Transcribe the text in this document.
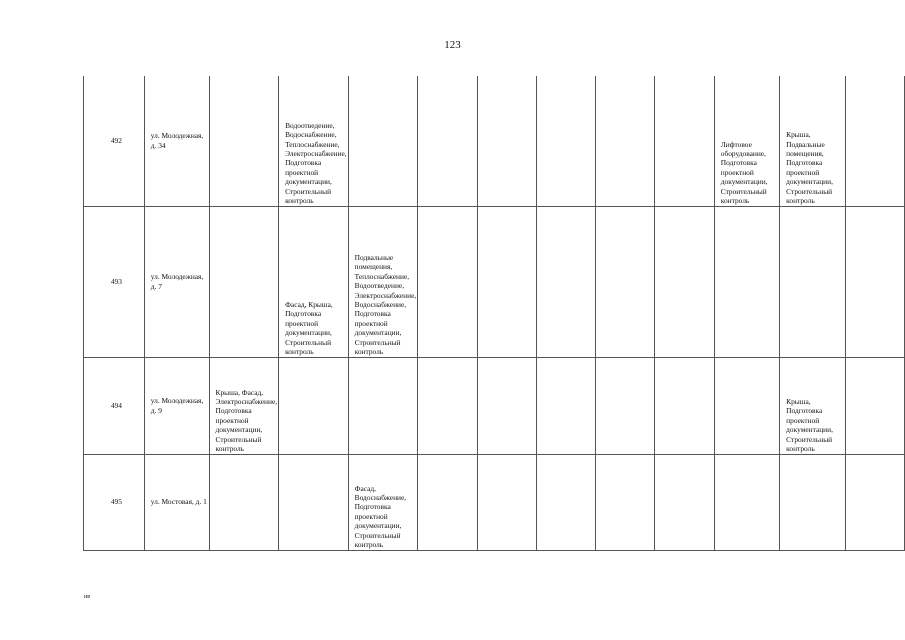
123
492	ул. Молодежная, д. 34		Водоотведение, Водоснабжение, Теплоснабжение, Электроснабжение, Подготовка проектной документации, Строительный контроль							Лифтовое оборудование, Подготовка проектной документации, Строительный контроль	Крыша, Подвальные помещения, Подготовка проектной документации, Строительный контроль	
493	ул. Молодежная, д. 7		Фасад, Крыша, Подготовка проектной документации, Строительный контроль	Подвальные помещения, Теплоснабжение, Водоотведение, Электроснабжение, Водоснабжение, Подготовка проектной документации, Строительный контроль								
494	ул. Молодежная, д. 9	Крыша, Фасад, Электроснабжение, Подготовка проектной документации, Строительный контроль									Крыша, Подготовка проектной документации, Строительный контроль	
495	ул. Мостовая, д. 1			Фасад, Водоснабжение, Подготовка проектной документации, Строительный контроль								
нв
